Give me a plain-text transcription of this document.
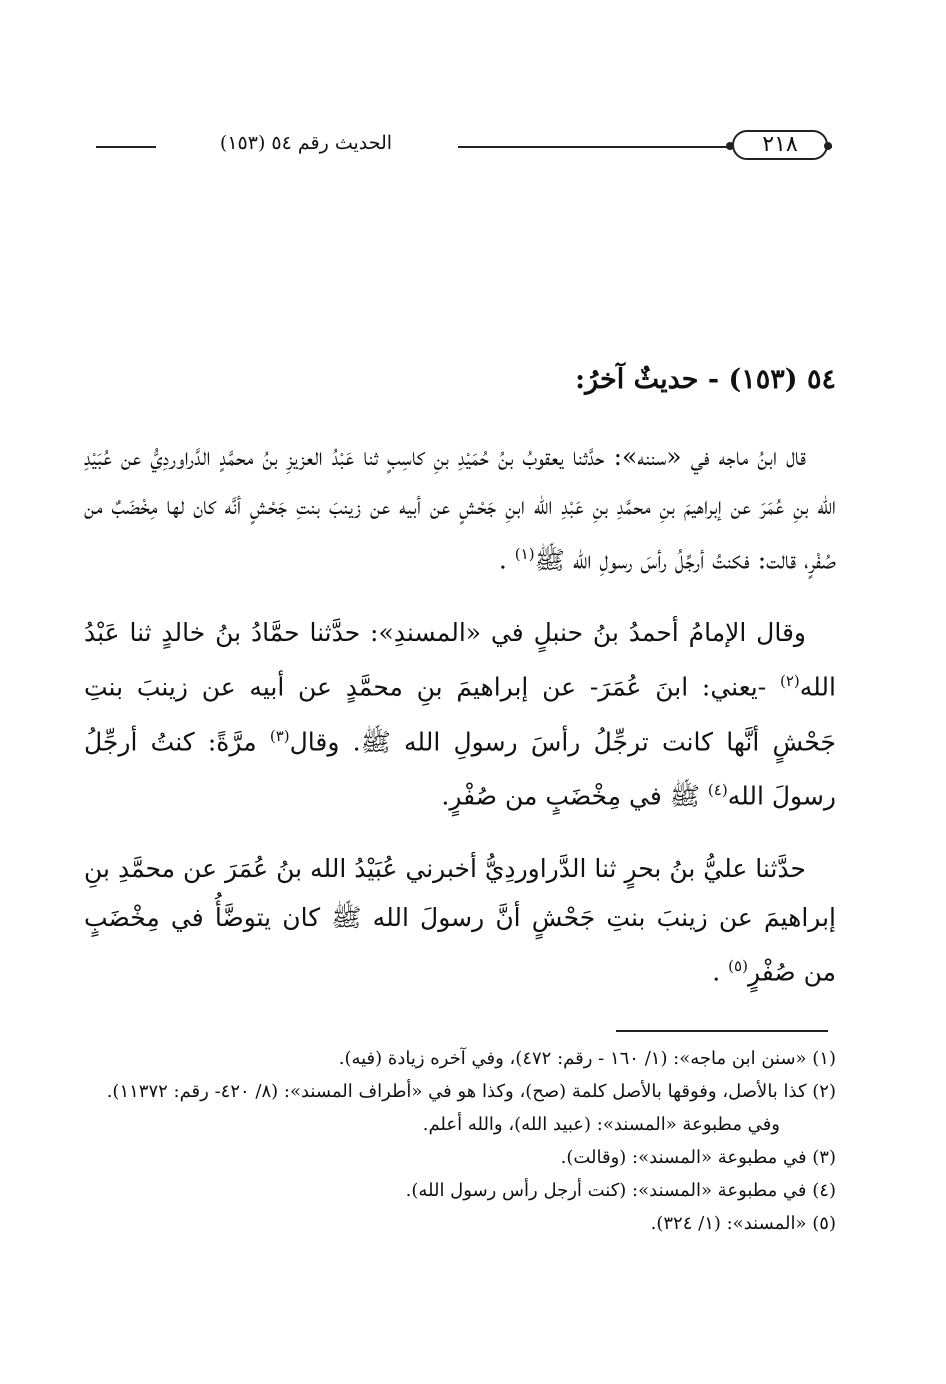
الحديث رقم ٥٤ (١٥٣)	٢١٨
٥٤ (١٥٣) - حديثٌ آخرُ:

قال ابنُ ماجه في «سننه»: حدَّثنا يعقوبُ بنُ حُمَيْدِ بنِ كاسِبٍ ثنا عَبْدُ العزيزِ بنُ محمَّدٍ الدَّراوردِيُّ عن عُبَيْدِ الله بنِ عُمَرَ عن إبراهيمَ بنِ محمَّدِ بنِ عَبْدِ الله ابنِ جَحْشٍ عن أبيه عن زينبَ بنتِ جَحْشٍ أنَّه كان لها مِخْضَبٌ من صُفْرٍ، قالت: فكنتُ أرجِّلُ رأسَ رسولِ الله ﷺ$^{(١)}$ .

وقال الإمامُ أحمدُ بنُ حنبلٍ في «المسندِ»: حدَّثنا حمَّادُ بنُ خالدٍ ثنا عَبْدُ الله$^{(٢)}$ -يعني: ابنَ عُمَرَ- عن إبراهيمَ بنِ محمَّدٍ عن أبيه عن زينبَ بنتِ جَحْشٍ أنَّها كانت ترجِّلُ رأسَ رسولِ الله ﷺ. وقال$^{(٣)}$ مرَّةً: كنتُ أرجِّلُ رسولَ الله$^{(٤)}$ ﷺ في مِخْضَبٍ من صُفْرٍ.

حدَّثنا عليُّ بنُ بحرٍ ثنا الدَّراوردِيُّ أخبرني عُبَيْدُ الله بنُ عُمَرَ عن محمَّدِ بنِ إبراهيمَ عن زينبَ بنتِ جَحْشٍ أنَّ رسولَ الله ﷺ كان يتوضَّأُ في مِخْضَبٍ من صُفْرٍ$^{(٥)}$ .

(١) «سنن ابن ماجه»: (١/ ١٦٠ - رقم: ٤٧٢)، وفي آخره زيادة (فيه).

(٢) كذا بالأصل، وفوقها بالأصل كلمة (صح)، وكذا هو في «أطراف المسند»: (٨/ ٤٢٠- رقم: ١١٣٧٢).

وفي مطبوعة «المسند»: (عبيد الله)، والله أعلم.

(٣) في مطبوعة «المسند»: (وقالت).

(٤) في مطبوعة «المسند»: (كنت أرجل رأس رسول الله).

(٥) «المسند»: (١/ ٣٢٤).
